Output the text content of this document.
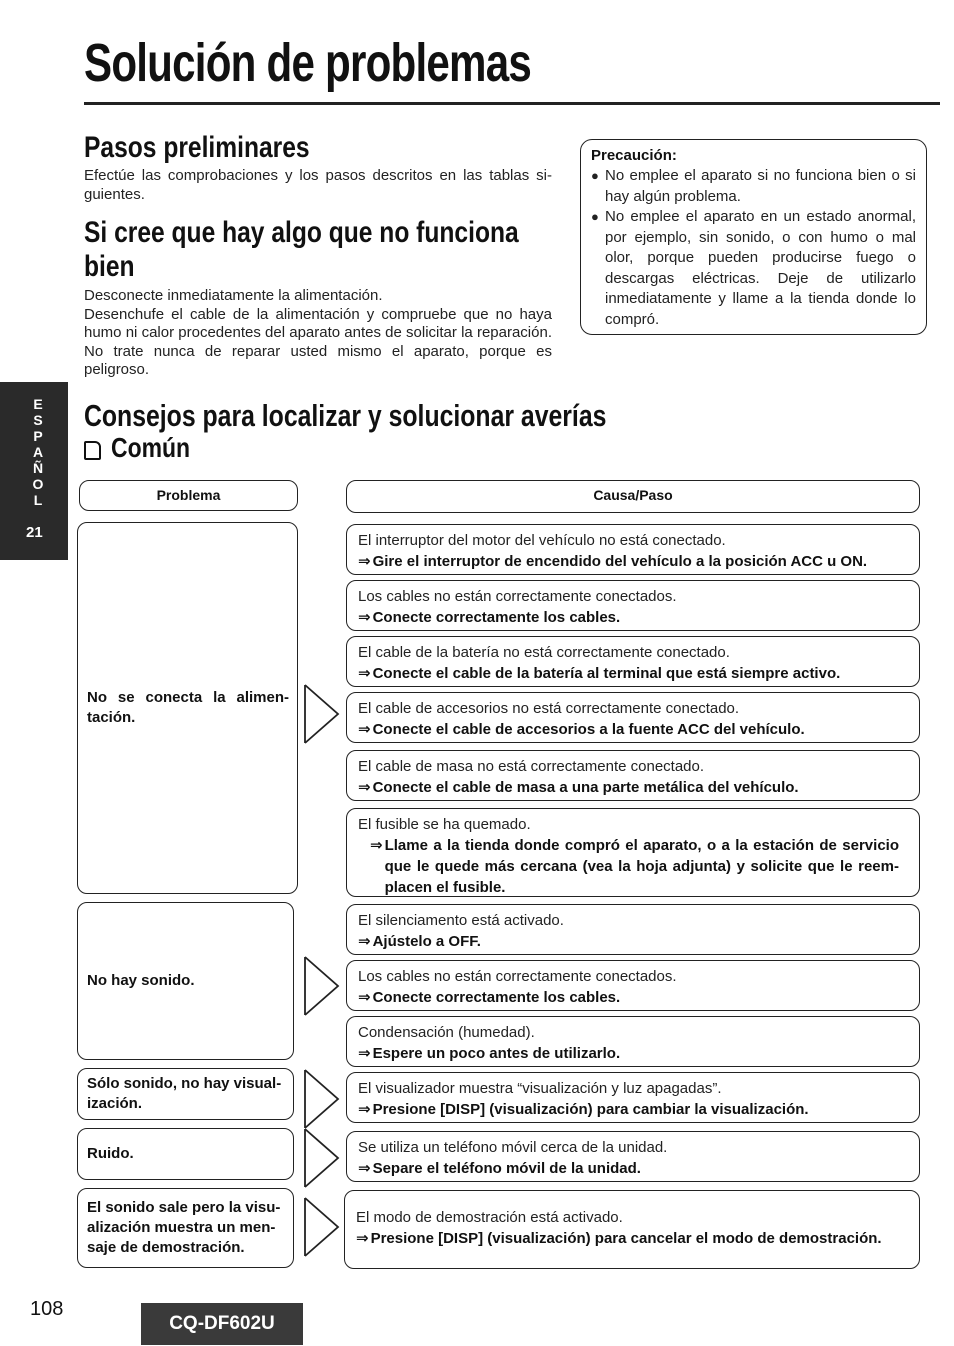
Solución de problemas
Pasos preliminares
Efectúe las comprobaciones y los pasos descritos en las tablas si-guientes.
Si cree que hay algo que no funciona bien

Desconecte inmediatamente la alimentación.

Desenchufe el cable de la alimentación y compruebe que no haya humo ni calor procedentes del aparato antes de solicitar la reparación. No trate nunca de reparar usted mismo el aparato, porque es peligroso.

Precaución:
● No emplee el aparato si no funciona bien o si hay algún problema.
● No emplee el aparato en un estado anormal, por ejemplo, sin sonido, o con humo o mal olor, porque pueden producirse fuego o descargas eléctricas. Deje de utilizarlo inmediatamente y llame a la tienda donde lo compró.
E
S
P
A
Ñ
O
L
21
Consejos para localizar y solucionar averías
Común
Problema	Causa/Paso
No se conecta la alimen-tación.
No hay sonido.
Sólo sonido, no hay visual-ización.
Ruido.
El sonido sale pero la visu-alización muestra un men-saje de demostración.
El interruptor del motor del vehículo no está conectado.
⇒ Gire el interruptor de encendido del vehículo a la posición ACC u ON.
Los cables no están correctamente conectados.
⇒ Conecte correctamente los cables.
El cable de la batería no está correctamente conectado.
⇒ Conecte el cable de la batería al terminal que está siempre activo.
El cable de accesorios no está correctamente conectado.
⇒ Conecte el cable de accesorios a la fuente ACC del vehículo.
El cable de masa no está correctamente conectado.
⇒ Conecte el cable de masa a una parte metálica del vehículo.
El fusible se ha quemado.
⇒ Llame a la tienda donde compró el aparato, o a la estación de servicio que le quede más cercana (vea la hoja adjunta) y solicite que le reem-placen el fusible.
El silenciamento está activado.
⇒ Ajústelo a OFF.
Los cables no están correctamente conectados.
⇒ Conecte correctamente los cables.
Condensación (humedad).
⇒ Espere un poco antes de utilizarlo.
El visualizador muestra “visualización y luz apagadas”.
⇒ Presione [DISP] (visualización) para cambiar la visualización.
Se utiliza un teléfono móvil cerca de la unidad.
⇒ Separe el teléfono móvil de la unidad.
El modo de demostración está activado.
⇒ Presione [DISP] (visualización) para cancelar el modo de demostración.
108
CQ-DF602U
